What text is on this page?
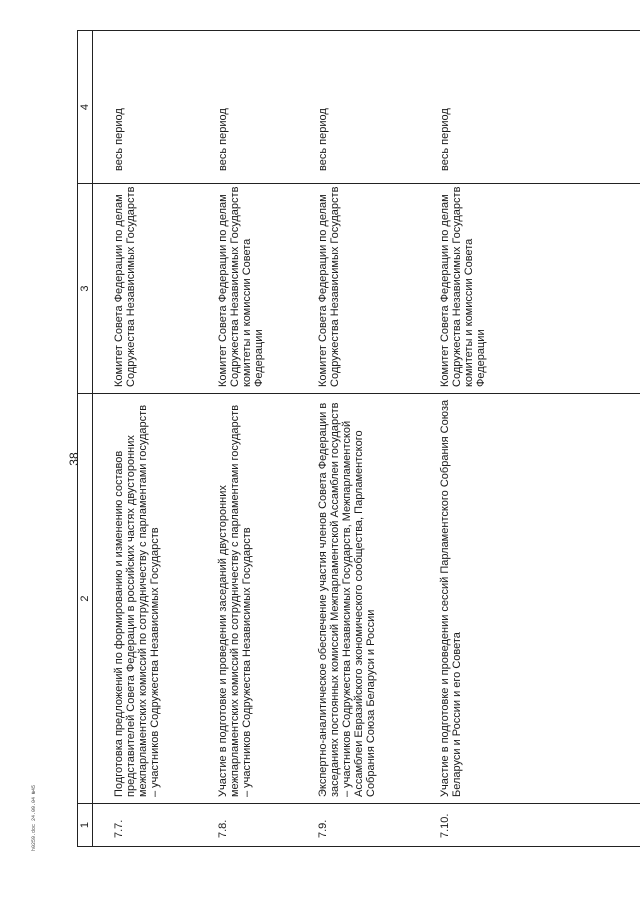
38
h0259.doc 24.09.04 №45	1	2	3	4
7.7.	Подготовка предложений по формированию и изменению составов представителей Совета Федерации в российских частях двусторонних межпарламентских комиссий по сотрудничеству с парламентами государств – участников Содружества Независимых Государств	Комитет Совета Федерации по делам Содружества Независимых Государств	весь период
7.8.	Участие в подготовке и проведении заседаний двусторонних межпарламентских комиссий по сотрудничеству с парламентами государств – участников Содружества Независимых Государств	Комитет Совета Федерации по делам Содружества Независимых Государств комитеты и комиссии Совета Федерации	весь период
7.9.	Экспертно-аналитическое обеспечение участия членов Совета Федерации в заседаниях постоянных комиссий Межпарламентской Ассамблеи государств – участников Содружества Независимых Государств, Межпарламентской Ассамблеи Евразийского экономического сообщества, Парламентского Собрания Союза Беларуси и России	Комитет Совета Федерации по делам Содружества Независимых Государств	весь период
7.10.	Участие в подготовке и проведении сессий Парламентского Собрания Союза Беларуси и России и его Совета	Комитет Совета Федерации по делам Содружества Независимых Государств комитеты и комиссии Совета Федерации	весь период
